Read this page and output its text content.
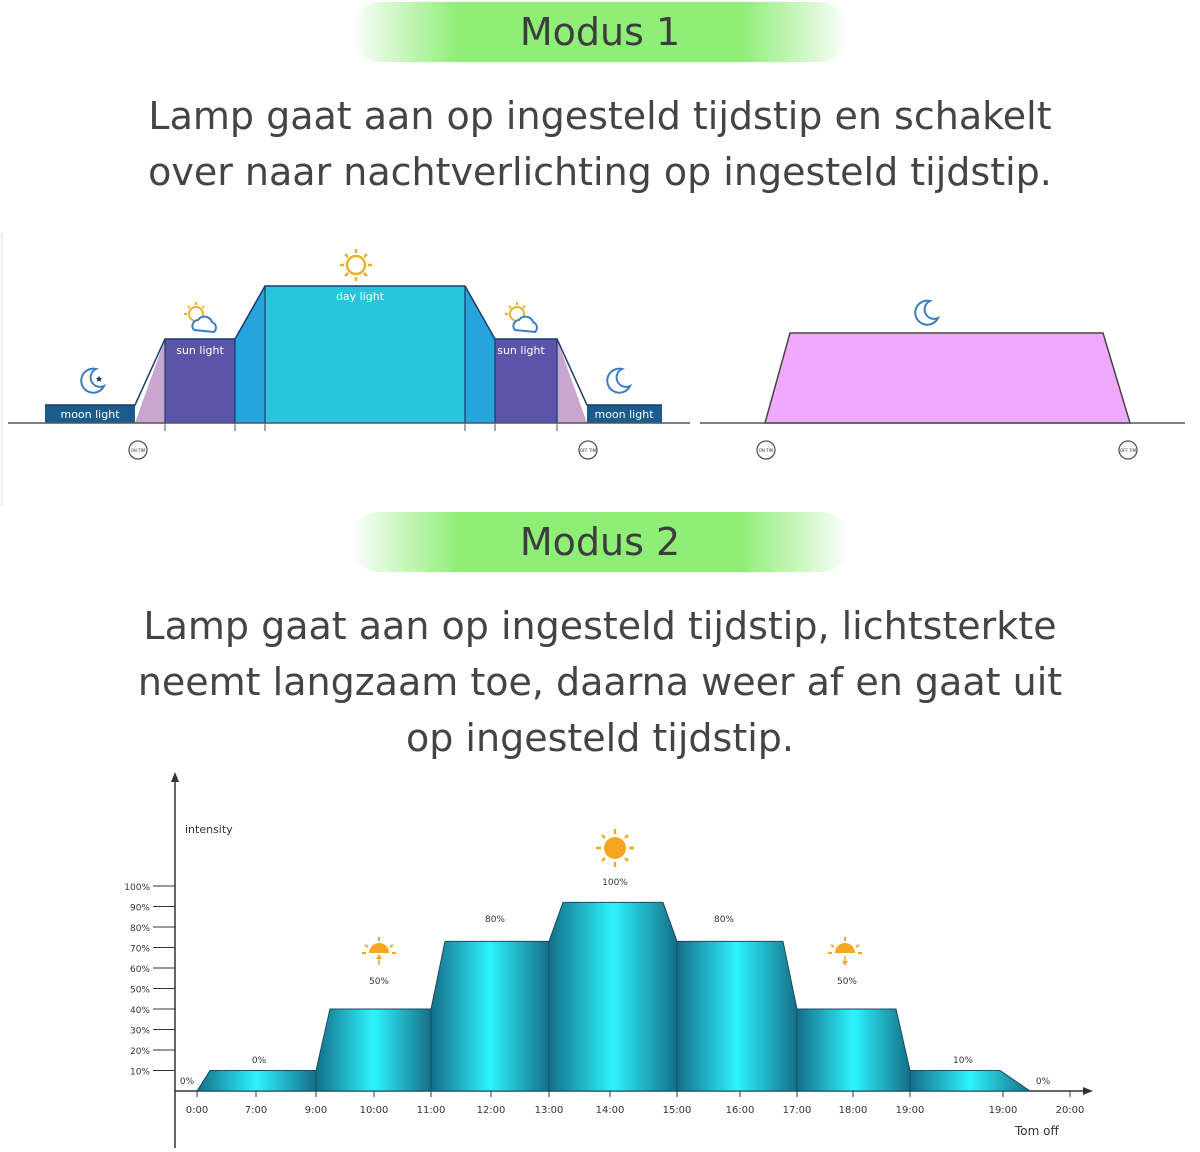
Modus 1
Lamp gaat aan op ingesteld tijdstip en schakelt
over naar nachtverlichting op ingesteld tijdstip.
moon light
sun light
day light
sun light
moon light
ON TIM	OFF TIM	ON TIM	OFF TIM
Modus 2
Lamp gaat aan op ingesteld tijdstip, lichtsterkte
neemt langzaam toe, daarna weer af en gaat uit
op ingesteld tijdstip.
intensity
Tom off
100%
90%
80%
70%
60%
50%
40%
30%
20%
10%
0:00	7:00	9:00	10:00	11:00	12:00	13:00	14:00	15:00	16:00	17:00	18:00	19:00	19:00	20:00
0%
0%
50%
80%
100%
80%
50%
10%
0%
